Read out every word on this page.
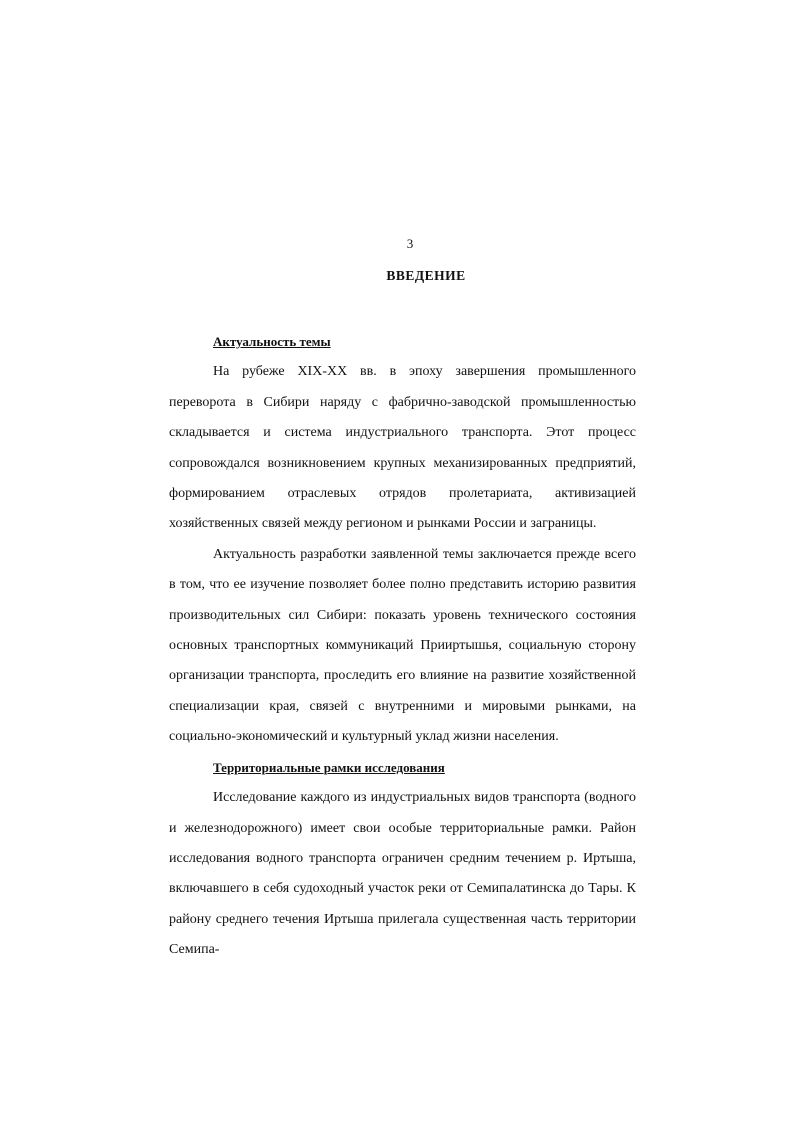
3
ВВЕДЕНИЕ

Актуальность темы

На рубеже XIX-XX вв. в эпоху завершения промышленного переворота в Сибири наряду с фабрично-заводской промышленностью складывается и система индустриального транспорта. Этот процесс сопровождался возникновением крупных механизированных предприятий, формированием отраслевых отрядов пролетариата, активизацией хозяйственных связей между регионом и рынками России и заграницы.

Актуальность разработки заявленной темы заключается прежде всего в том, что ее изучение позволяет более полно представить историю развития производительных сил Сибири: показать уровень технического состояния основных транспортных коммуникаций Прииртышья, социальную сторону организации транспорта, проследить его влияние на развитие хозяйственной специализации края, связей с внутренними и мировыми рынками, на социально-экономический и культурный уклад жизни населения.

Территориальные рамки исследования

Исследование каждого из индустриальных видов транспорта (водного и железнодорожного) имеет свои особые территориальные рамки. Район исследования водного транспорта ограничен средним течением р. Иртыша, включавшего в себя судоходный участок реки от Семипалатинска до Тары. К району среднего течения Иртыша прилегала существенная часть территории Семипа-
